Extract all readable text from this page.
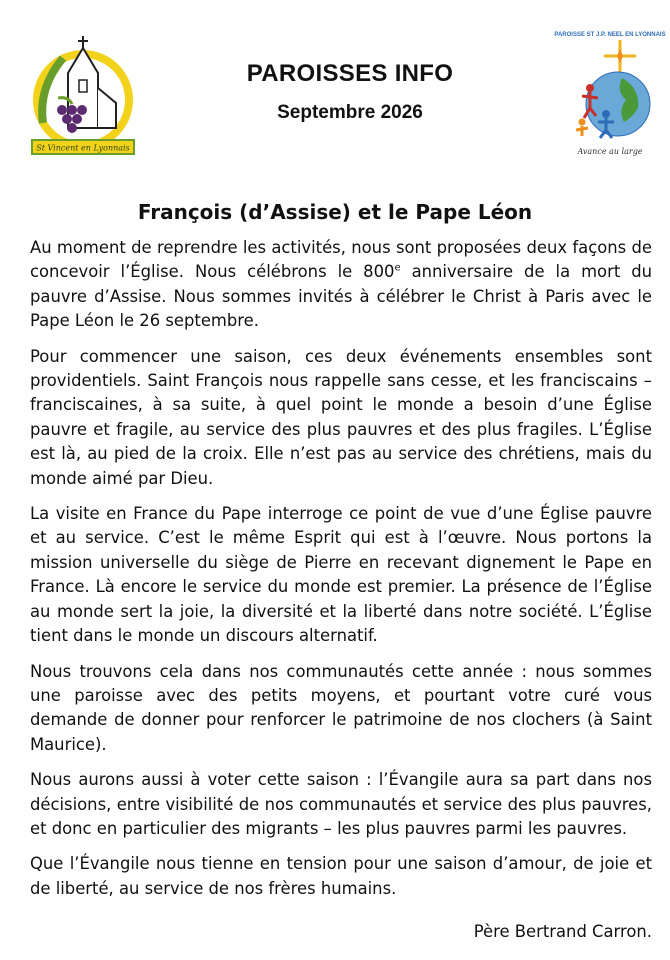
St Vincent en Lyonnais
PAROISSES INFO
Septembre 2026
PAROISSE ST J.P. NEEL EN LYONNAIS
Avance au large
François (d’Assise) et le Pape Léon

Au moment de reprendre les activités, nous sont proposées deux façons de concevoir l’Église. Nous célébrons le 800e anniversaire de la mort du pauvre d’Assise. Nous sommes invités à célébrer le Christ à Paris avec le Pape Léon le 26 septembre.

Pour commencer une saison, ces deux événements ensembles sont providentiels. Saint François nous rappelle sans cesse, et les franciscains – franciscaines, à sa suite, à quel point le monde a besoin d’une Église pauvre et fragile, au service des plus pauvres et des plus fragiles. L’Église est là, au pied de la croix. Elle n’est pas au service des chrétiens, mais du monde aimé par Dieu.

La visite en France du Pape interroge ce point de vue d’une Église pauvre et au service. C’est le même Esprit qui est à l’œuvre. Nous portons la mission universelle du siège de Pierre en recevant dignement le Pape en France. Là encore le service du monde est premier. La présence de l’Église au monde sert la joie, la diversité et la liberté dans notre société. L’Église tient dans le monde un discours alternatif.

Nous trouvons cela dans nos communautés cette année : nous sommes une paroisse avec des petits moyens, et pourtant votre curé vous demande de donner pour renforcer le patrimoine de nos clochers (à Saint Maurice).

Nous aurons aussi à voter cette saison : l’Évangile aura sa part dans nos décisions, entre visibilité de nos communautés et service des plus pauvres, et donc en particulier des migrants – les plus pauvres parmi les pauvres.

Que l’Évangile nous tienne en tension pour une saison d’amour, de joie et de liberté, au service de nos frères humains.

Père Bertrand Carron.
